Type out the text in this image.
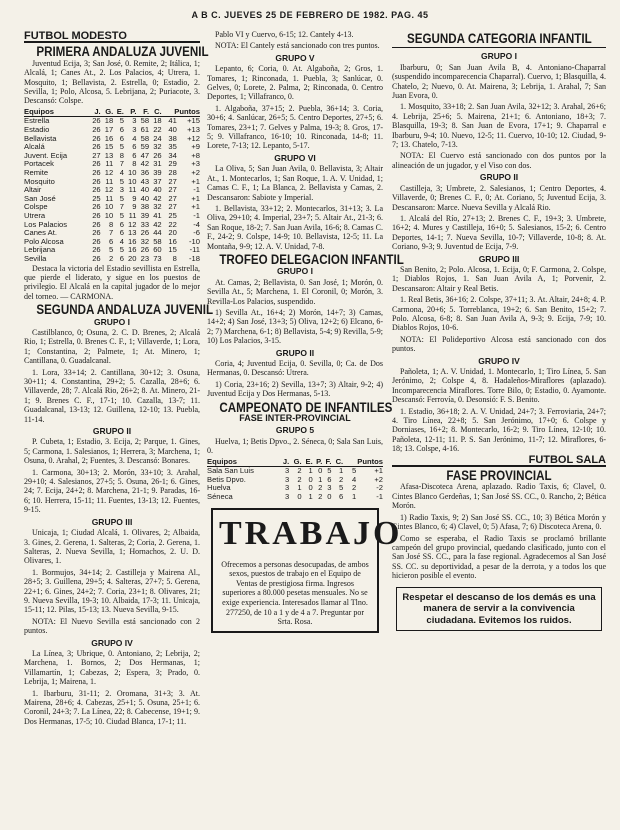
A B C. JUEVES 25 DE FEBRERO DE 1982. PAG. 45
FUTBOL MODESTO
PRIMERA ANDALUZA JUVENIL

Juventud Ecija, 3; San José, 0. Remite, 2; Itálica, 1; Alcalá, 1; Canes At., 2. Los Palacios, 4; Utrera, 1. Mosquito, 1; Bellavista, 2. Estrella, 0; Estadio, 2. Sevilla, 1; Polo, Alcosa, 5. Lebrijana, 2; Puriacote, 3. Descansó: Colspe.

Equipos	J.	G.	E.	P.	F.	C.	Puntos	
Estrella	26	18	5	3	58	18	41	+15
Estadio	26	17	6	3	61	22	40	+13
Bellavista	26	16	6	4	58	24	38	+12
Alcalá	26	15	5	6	59	32	35	+9
Juvent. Ecija	27	13	8	6	47	26	34	+8
Portacek	26	11	7	8	42	31	29	+3
Remite	26	12	4	10	36	39	28	+2
Mosquito	26	11	5	10	43	37	27	+1
Altair	26	12	3	11	40	40	27	-1
San José	25	11	5	9	40	42	27	+1
Colspe	26	10	7	9	38	32	27	+1
Utrera	26	10	5	11	39	41	25	-1
Los Palacios	26	8	6	12	33	42	22	-4
Canes At.	26	7	6	13	26	44	20	-6
Polo Alcosa	26	6	4	16	32	58	16	-10
Lebrijana	26	5	5	16	26	60	15	-11
Sevilla	26	2	6	20	23	73	8	-18

Destaca la victoria del Estadio sevillista en Estrella, que pierde el liderato, y sigue en los puestos de privilegio. El Alcalá en la capital jugador de lo mejor del torneo. — CARMONA.

SEGUNDA ANDALUZA JUVENIL
GRUPO I

Castilblanco, 0; Osuna, 2. C. D. Brenes, 2; Alcalá Rio, 1; Estrella, 0. Brenes C. F., 1; Villaverde, 1; Lora, 1; Constantina, 2; Palmete, 1; At. Minero, 1; Cantillana, 0. Guadalcanal.

1. Lora, 33+14; 2. Cantillana, 30+12; 3. Osuna, 30+11; 4. Constantina, 29+2; 5. Cazalla, 28+6; 6. Villaverde, 28; 7. Alcalá Rio, 26+2; 8. At. Minero, 21-1; 9. Brenes C. F., 17-1; 10. Cazalla, 13-7; 11. Guadalcanal, 13-13; 12. Guillena, 12-10; 13. Puebla, 11-14.

GRUPO II

P. Cubeta, 1; Estadio, 3. Ecija, 2; Parque, 1. Gines, 5; Carmona, 1. Salesianos, 1; Herrera, 3; Marchena, 1; Osuna, 0. Arahal, 2; Fuentes, 3. Descansó: Bonares.

1. Carmona, 30+13; 2. Morón, 33+10; 3. Arahal, 29+10; 4. Salesianos, 27+5; 5. Osuna, 26-1; 6. Gines, 24; 7. Ecija, 24+2; 8. Marchena, 21-1; 9. Paradas, 16-6; 10. Herrera, 15-11; 11. Fuentes, 13-13; 12. Fuentes, 9-15.

GRUPO III

Unicaja, 1; Ciudad Alcalá, 1. Olivares, 2; Albaida, 3. Gines, 2. Gerena, 1. Salteras, 2; Coria, 2. Gerena, 1. Salteras, 2. Nueva Sevilla, 1; Hornachos, 2. U. D. Olivares, 1.

1. Bormujos, 34+14; 2. Castilleja y Mairena Al., 28+5; 3. Guillena, 29+5; 4. Salteras, 27+7; 5. Gerena, 22+1; 6. Gines, 24+2; 7. Coria, 23+1; 8. Olivares, 21; 9. Nueva Sevilla, 19-3; 10. Albaida, 17-3; 11. Unicaja, 15-11; 12. Pilas, 15-13; 13. Nueva Sevilla, 9-15.

NOTA: El Nuevo Sevilla está sancionado con 2 puntos.

GRUPO IV

La Línea, 3; Ubrique, 0. Antoniano, 2; Lebrija, 2; Marchena, 1. Bornos, 2; Dos Hermanas, 1; Villamartín, 1; Cabezas, 2; Espera, 3; Prado, 0. Lebrija, 1; Mairena, 1.

1. Ibarburu, 31-11; 2. Oromana, 31+3; 3. At. Mairena, 28+6; 4. Cabezas, 25+1; 5. Osuna, 25+1; 6. Coronil, 24+3; 7. La Línea, 22; 8. Cabecense, 19+1; 9. Dos Hermanas, 17-5; 10. Ciudad Blanca, 17-1; 11.

Pablo VI y Cuervo, 6-15; 12. Cantely 4-13.

NOTA: El Cantely está sancionado con tres puntos.

GRUPO V

Lepanto, 6; Coria, 0. At. Algaboña, 2; Gros, 1. Tomares, 1; Rinconada, 1. Puebla, 3; Sanlúcar, 0. Gelves, 0; Lorete, 2. Palma, 2; Rinconada, 0. Centro Deportes, 1; Villafranco, 0.

1. Algaboña, 37+15; 2. Puebla, 36+14; 3. Coria, 30+6; 4. Sanlúcar, 26+5; 5. Centro Deportes, 27+5; 6. Tomares, 23+1; 7. Gelves y Palma, 19-3; 8. Gros, 17-5; 9. Villafranco, 16-10; 10. Rinconada, 14-8; 11. Lorete, 7-13; 12. Lepanto, 5-17.

GRUPO VI

La Oliva, 5; San Juan Avila, 0. Bellavista, 3; Altair At., 1. Montecarlos, 1; San Roque, 1. A. V. Unidad, 1; Camas C. F., 1; La Blanca, 2. Bellavista y Camas, 2. Descansaron: Sabiote y Imperial.

1. Bellavista, 33+12; 2. Montecarlos, 31+13; 3. La Oliva, 29+10; 4. Imperial, 23+7; 5. Altair At., 21-3; 6. San Roque, 18-2; 7. San Juan Avila, 16-6; 8. Camas C. F., 24-2; 9. Colspe, 14-9; 10. Bellavista, 12-5; 11. La Montaña, 9-9; 12. A. V. Unidad, 7-8.

TROFEO DELEGACION INFANTIL
GRUPO I

At. Camas, 2; Bellavista, 0. San José, 1; Morón, 0. Sevilla At., 5; Marchena, 1. El Coronil, 0; Morón, 3. Revilla-Los Palacios, suspendido.

1) Sevilla At., 16+4; 2) Morón, 14+7; 3) Camas, 14+2; 4) San José, 13+3; 5) Oliva, 12+2; 6) Elcano, 6-2; 7) Marchena, 6-1; 8) Bellavista, 5-4; 9) Revilla, 5-9; 10) Los Palacios, 3-15.

GRUPO II

Coria, 4; Juventud Ecija, 0. Sevilla, 0; Ca. de Dos Hermanas, 0. Descansó: Utrera.

1) Coria, 23+16; 2) Sevilla, 13+7; 3) Altair, 9-2; 4) Juventud Ecija y Dos Hermanas, 5-13.

CAMPEONATO DE INFANTILES
FASE INTER-PROVINCIAL
GRUPO 5

Huelva, 1; Betis Dpvo., 2. Séneca, 0; Sala San Luis, 0.

Equipos	J.	G.	E.	P.	F.	C.	Puntos	
Sala San Luis	3	2	1	0	5	1	5	+1
Betis Dpvo.	3	2	0	1	6	2	4	+2
Huelva	3	1	0	2	3	5	2	-2
Séneca	3	0	1	2	0	6	1	-1
TRABAJO
Ofrecemos a personas desocupadas, de ambos sexos, puestos de trabajo en el Equipo de Ventas de prestigiosa firma. Ingresos superiores a 80.000 pesetas mensuales. No se exige experiencia. Interesados llamar al Tlno. 277250, de 10 a 1 y de 4 a 7. Preguntar por Srta. Rosa.
SEGUNDA CATEGORIA INFANTIL
GRUPO I

Ibarburu, 0; San Juan Avila B, 4. Antoniano-Chaparral (suspendido incomparecencia Chaparral). Cuervo, 1; Blasquilla, 4. Chatelo, 2; Nuevo, 0. At. Mairena, 3; Lebrija, 1. Arahal, 7; San Juan Evora, 0.

1. Mosquito, 33+18; 2. San Juan Avila, 32+12; 3. Arahal, 26+6; 4. Lebrija, 25+6; 5. Mairena, 21+1; 6. Antoniano, 18+3; 7. Blasquilla, 19-3; 8. San Juan de Evora, 17+1; 9. Chaparral e Ibarburu, 9-4; 10. Nuevo, 12-5; 11. Cuervo, 10-10; 12. Ciudad, 9-7; 13. Chatelo, 7-13.

NOTA: El Cuervo está sancionado con dos puntos por la alineación de un jugador, y el Viso con dos.

GRUPO II

Castilleja, 3; Umbrete, 2. Salesianos, 1; Centro Deportes, 4. Villaverde, 0; Brenes C. F., 0; At. Coriano, 5; Juventud Ecija, 3. Descansaron: Marce. Nueva Sevilla y Alcalá Rio.

1. Alcalá del Río, 27+13; 2. Brenes C. F., 19+3; 3. Umbrete, 16+2; 4. Mures y Castilleja, 16+0; 5. Salesianos, 15-2; 6. Centro Deportes, 14-1; 7. Nueva Sevilla, 10-7; Villaverde, 10-8; 8. At. Coriano, 9-3; 9. Juventud de Ecija, 7-9.

GRUPO III

San Benito, 2; Polo. Alcosa, 1. Ecija, 0; F. Carmona, 2. Colspe, 1; Diablos Rojos, 1. San Juan Avila A, 1; Porvenir, 2. Descansaron: Altair y Real Betis.

1. Real Betis, 36+16; 2. Colspe, 37+11; 3. At. Altair, 24+8; 4. P. Carmona, 20+6; 5. Torreblanca, 19+2; 6. San Benito, 15+2; 7. Polo. Alcosa, 6-8; 8. San Juan Avila A, 9-3; 9. Ecija, 7-9; 10. Diablos Rojos, 10-6.

NOTA: El Polideportivo Alcosa está sancionado con dos puntos.

GRUPO IV

Pañoleta, 1; A. V. Unidad, 1. Montecarlo, 1; Tiro Línea, 5. San Jerónimo, 2; Colspe 4, 8. Hadaleños-Miraflores (aplazado). Incomparecencia Miraflores. Torre Bilo, 0; Estadio, 0. Ayamonte. Descansó: Ferrovía, 0. Desonsió: F. S. Benito.

1. Estadio, 36+18; 2. A. V. Unidad, 24+7; 3. Ferroviaria, 24+7; 4. Tiro Línea, 22+8; 5. San Jerónimo, 17+0; 6. Colspe y Dorniases, 16+2; 8. Montecarlo, 16-2; 9. Tiro Línea, 12-10; 10. Pañoleta, 12-11; 11. P. S. San Jerónimo, 11-7; 12. Miraflores, 6-18; 13. Colspe, 4-16.

FUTBOL SALA
FASE PROVINCIAL

Afasa-Discoteca Arena, aplazado. Radio Taxis, 6; Clavel, 0. Cintes Blanco Gerdeñas, 1; San José SS. CC., 0. Rancho, 2; Bética Morón.

1) Radio Taxis, 9; 2) San José SS. CC., 10; 3) Bética Morón y Cintes Blanco, 6; 4) Clavel, 0; 5) Afasa, 7; 6) Discoteca Arena, 0.

Como se esperaba, el Radio Taxis se proclamó brillante campeón del grupo provincial, quedando clasificado, junto con el San José SS. CC., para la fase regional. Agradecemos al San José SS. CC. su deportividad, a pesar de la derrota, y a todos los que hicieron posible el evento.

Respetar el descanso de los demás es una manera de servir a la convivencia ciudadana. Evitemos los ruidos.
